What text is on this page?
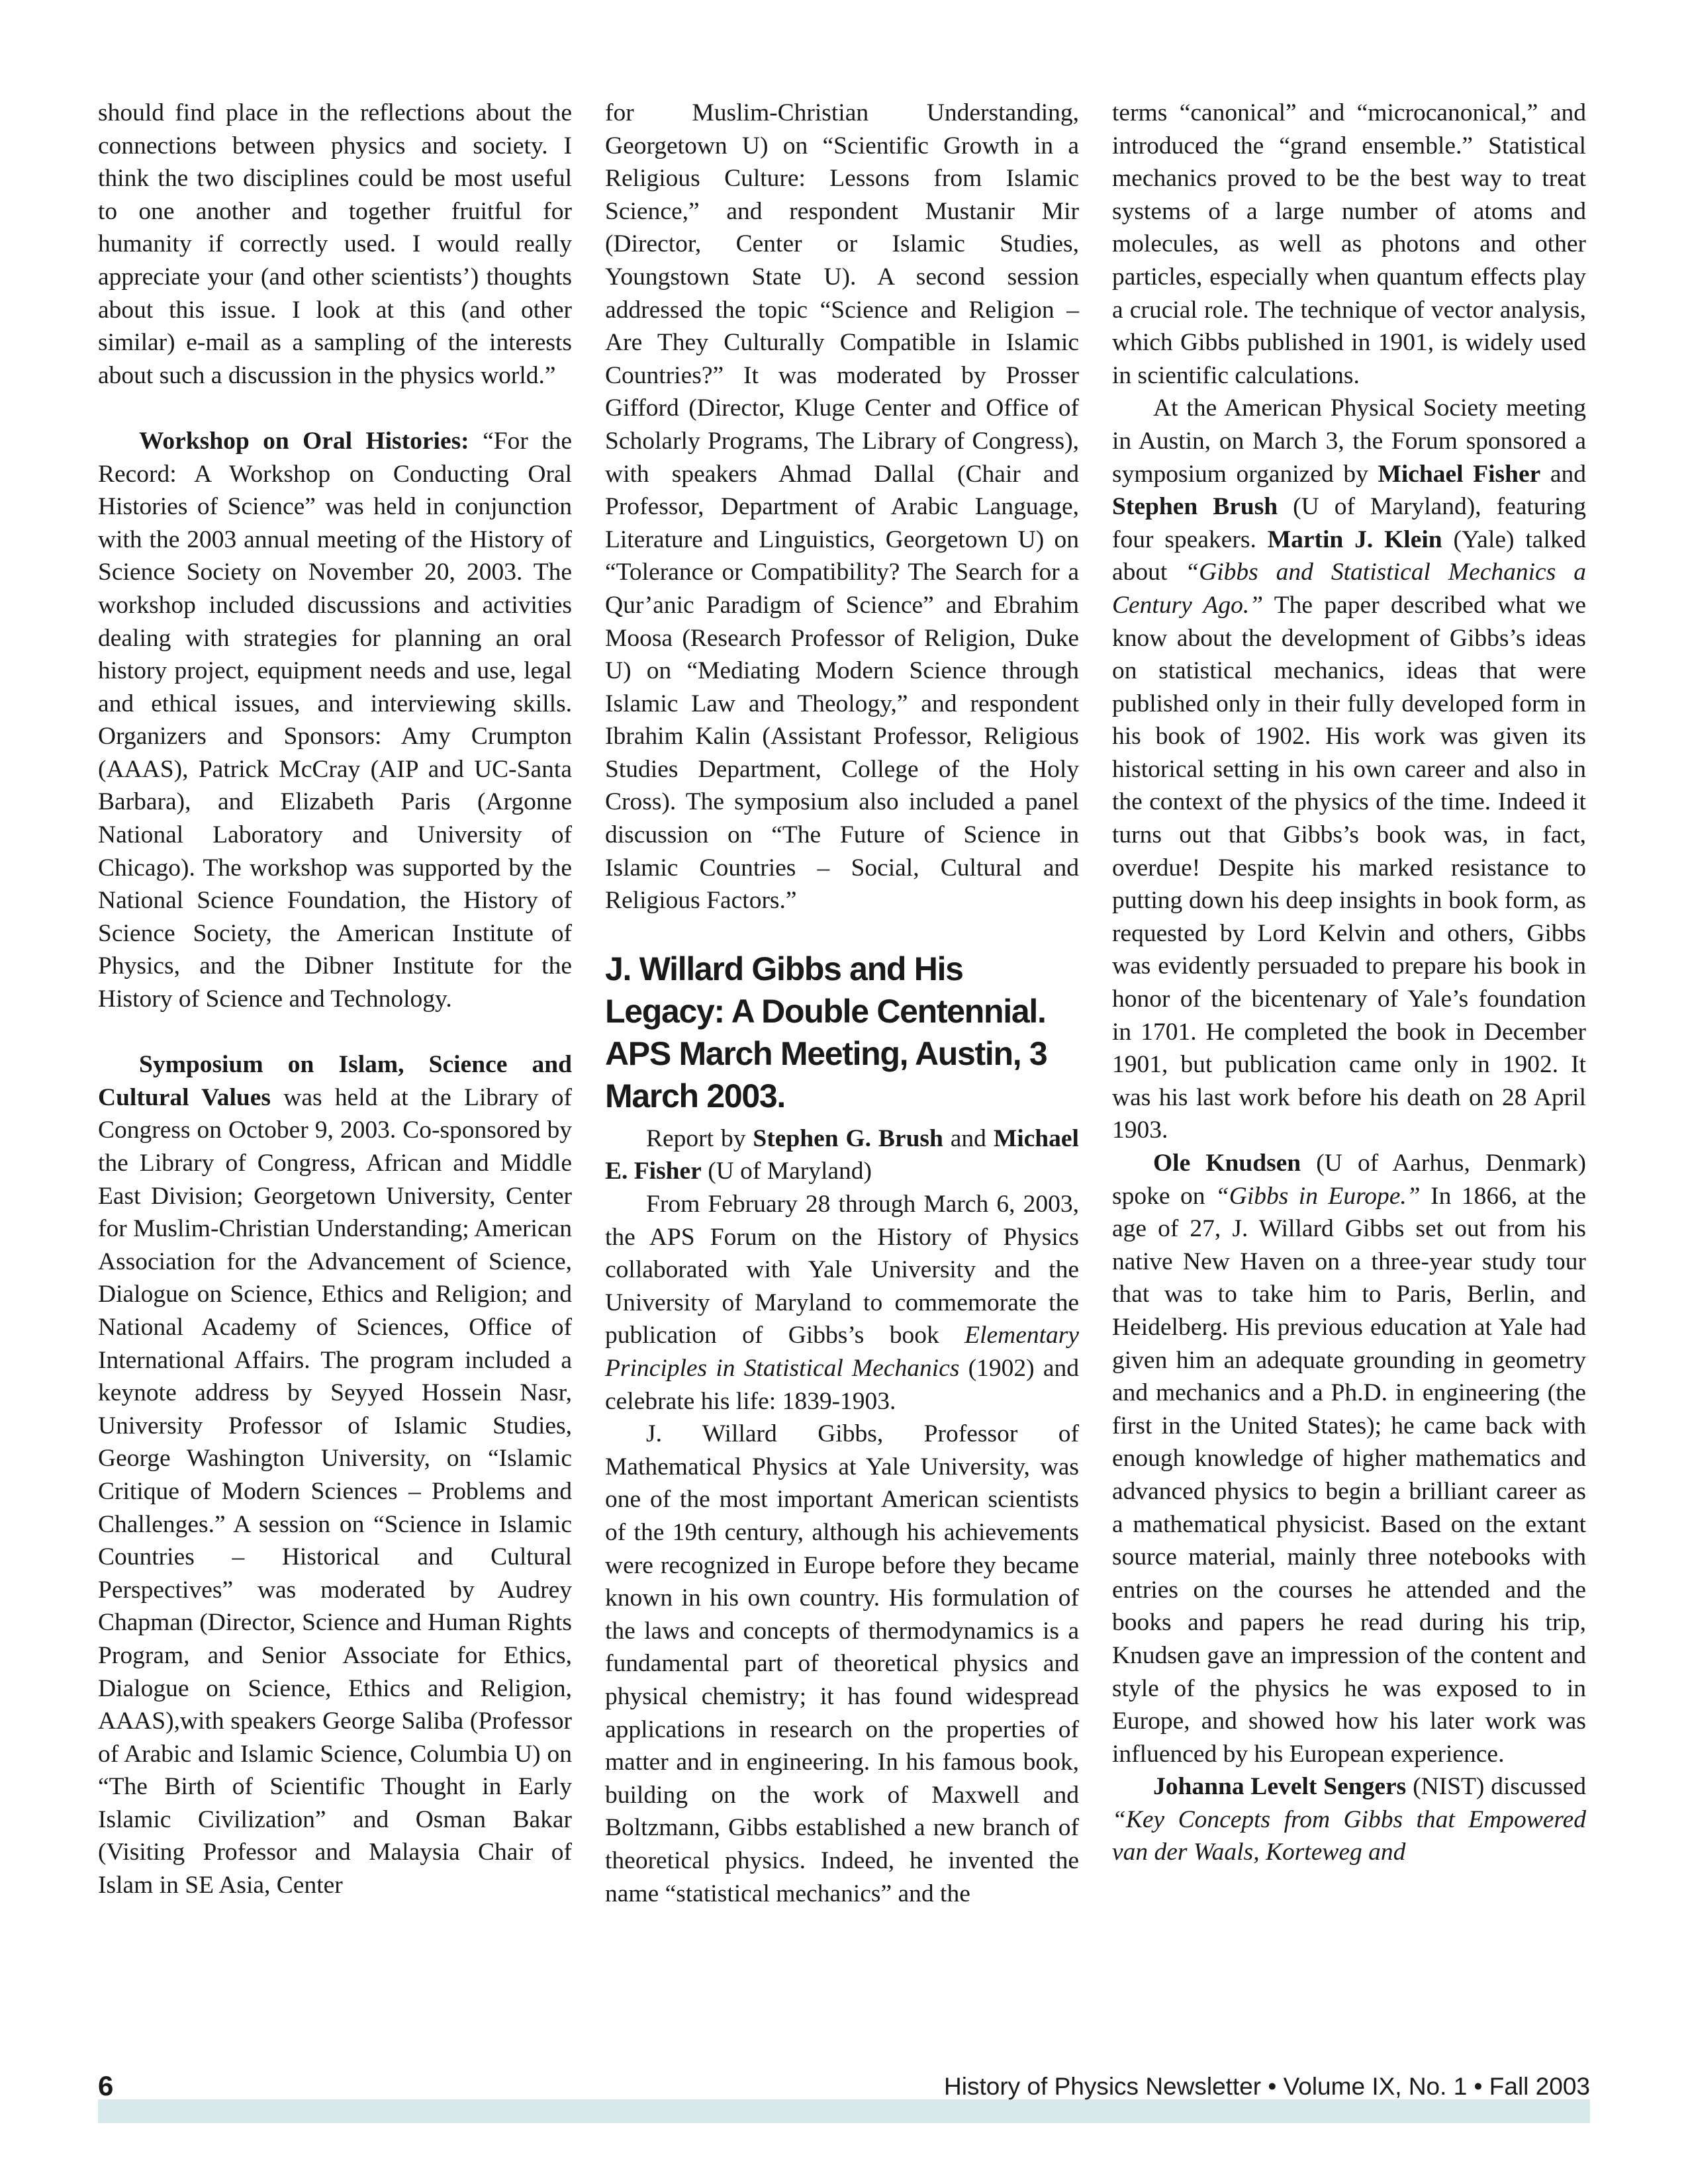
should find place in the reflections about the connections between physics and society. I think the two disciplines could be most useful to one another and together fruitful for humanity if correctly used. I would really appreciate your (and other scientists’) thoughts about this issue. I look at this (and other similar) e-mail as a sampling of the interests about such a discussion in the physics world.”

Workshop on Oral Histories: “For the Record: A Workshop on Conducting Oral Histories of Science” was held in conjunction with the 2003 annual meeting of the History of Science Society on November 20, 2003. The workshop included discussions and activities dealing with strategies for planning an oral history project, equipment needs and use, legal and ethical issues, and interviewing skills. Organizers and Sponsors: Amy Crumpton (AAAS), Patrick McCray (AIP and UC-Santa Barbara), and Elizabeth Paris (Argonne National Laboratory and University of Chicago). The workshop was supported by the National Science Foundation, the History of Science Society, the American Institute of Physics, and the Dibner Institute for the History of Science and Technology.

Symposium on Islam, Science and Cultural Values was held at the Library of Congress on October 9, 2003. Co-sponsored by the Library of Congress, African and Middle East Division; Georgetown University, Center for Muslim-Christian Understanding; American Association for the Advancement of Science, Dialogue on Science, Ethics and Religion; and National Academy of Sciences, Office of International Affairs. The program included a keynote address by Seyyed Hossein Nasr, University Professor of Islamic Studies, George Washington University, on “Islamic Critique of Modern Sciences – Problems and Challenges.” A session on “Science in Islamic Countries – Historical and Cultural Perspectives” was moderated by Audrey Chapman (Director, Science and Human Rights Program, and Senior Associate for Ethics, Dialogue on Science, Ethics and Religion, AAAS),with speakers George Saliba (Professor of Arabic and Islamic Science, Columbia U) on “The Birth of Scientific Thought in Early Islamic Civilization” and Osman Bakar (Visiting Professor and Malaysia Chair of Islam in SE Asia, Center

for Muslim-Christian Understanding, Georgetown U) on “Scientific Growth in a Religious Culture: Lessons from Islamic Science,” and respondent Mustanir Mir (Director, Center or Islamic Studies, Youngstown State U). A second session addressed the topic “Science and Religion – Are They Culturally Compatible in Islamic Countries?” It was moderated by Prosser Gifford (Director, Kluge Center and Office of Scholarly Programs, The Library of Congress), with speakers Ahmad Dallal (Chair and Professor, Department of Arabic Language, Literature and Linguistics, Georgetown U) on “Tolerance or Compatibility? The Search for a Qur’anic Paradigm of Science” and Ebrahim Moosa (Research Professor of Religion, Duke U) on “Mediating Modern Science through Islamic Law and Theology,” and respondent Ibrahim Kalin (Assistant Professor, Religious Studies Department, College of the Holy Cross). The symposium also included a panel discussion on “The Future of Science in Islamic Countries – Social, Cultural and Religious Factors.”

J. Willard Gibbs and His Legacy: A Double Centennial. APS March Meeting, Austin, 3 March 2003.

Report by Stephen G. Brush and Michael E. Fisher (U of Maryland)

From February 28 through March 6, 2003, the APS Forum on the History of Physics collaborated with Yale University and the University of Maryland to commemorate the publication of Gibbs’s book Elementary Principles in Statistical Mechanics (1902) and celebrate his life: 1839-1903.

J. Willard Gibbs, Professor of Mathematical Physics at Yale University, was one of the most important American scientists of the 19th century, although his achievements were recognized in Europe before they became known in his own country. His formulation of the laws and concepts of thermodynamics is a fundamental part of theoretical physics and physical chemistry; it has found widespread applications in research on the properties of matter and in engineering. In his famous book, building on the work of Maxwell and Boltzmann, Gibbs established a new branch of theoretical physics. Indeed, he invented the name “statistical mechanics” and the

terms “canonical” and “microcanonical,” and introduced the “grand ensemble.” Statistical mechanics proved to be the best way to treat systems of a large number of atoms and molecules, as well as photons and other particles, especially when quantum effects play a crucial role. The technique of vector analysis, which Gibbs published in 1901, is widely used in scientific calculations.

At the American Physical Society meeting in Austin, on March 3, the Forum sponsored a symposium organized by Michael Fisher and Stephen Brush (U of Maryland), featuring four speakers. Martin J. Klein (Yale) talked about “Gibbs and Statistical Mechanics a Century Ago.” The paper described what we know about the development of Gibbs’s ideas on statistical mechanics, ideas that were published only in their fully developed form in his book of 1902. His work was given its historical setting in his own career and also in the context of the physics of the time. Indeed it turns out that Gibbs’s book was, in fact, overdue! Despite his marked resistance to putting down his deep insights in book form, as requested by Lord Kelvin and others, Gibbs was evidently persuaded to prepare his book in honor of the bicentenary of Yale’s foundation in 1701. He completed the book in December 1901, but publication came only in 1902. It was his last work before his death on 28 April 1903.

Ole Knudsen (U of Aarhus, Denmark) spoke on “Gibbs in Europe.” In 1866, at the age of 27, J. Willard Gibbs set out from his native New Haven on a three-year study tour that was to take him to Paris, Berlin, and Heidelberg. His previous education at Yale had given him an adequate grounding in geometry and mechanics and a Ph.D. in engineering (the first in the United States); he came back with enough knowledge of higher mathematics and advanced physics to begin a brilliant career as a mathematical physicist. Based on the extant source material, mainly three notebooks with entries on the courses he attended and the books and papers he read during his trip, Knudsen gave an impression of the content and style of the physics he was exposed to in Europe, and showed how his later work was influenced by his European experience.

Johanna Levelt Sengers (NIST) discussed “Key Concepts from Gibbs that Empowered van der Waals, Korteweg and

6	History of Physics Newsletter • Volume IX, No. 1 • Fall 2003
